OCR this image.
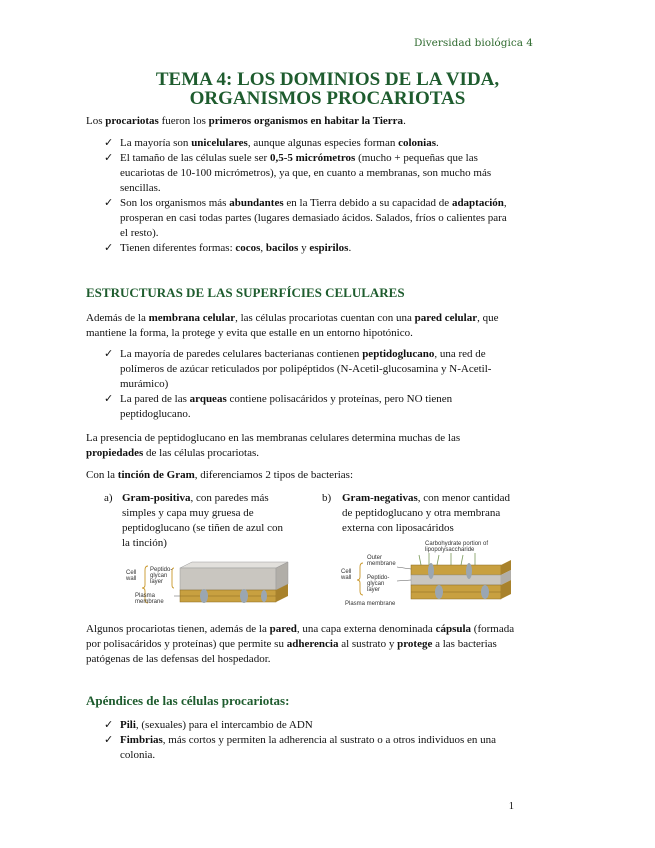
Diversidad biológica 4
TEMA 4: LOS DOMINIOS DE LA VIDA,
ORGANISMOS PROCARIOTAS
Los procariotas fueron los primeros organismos en habitar la Tierra.
✓ La mayoría son unicelulares, aunque algunas especies forman colonias.
✓ El tamaño de las células suele ser 0,5-5 micrómetros (mucho + pequeñas que las eucariotas de 10-100 micrómetros), ya que, en cuanto a membranas, son mucho más sencillas.
✓ Son los organismos más abundantes en la Tierra debido a su capacidad de adaptación, prosperan en casi todas partes (lugares demasiado ácidos. Salados, fríos o calientes para el resto).
✓ Tienen diferentes formas: cocos, bacilos y espirilos.
ESTRUCTURAS DE LAS SUPERFÍCIES CELULARES
Además de la membrana celular, las células procariotas cuentan con una pared celular, que mantiene la forma, la protege y evita que estalle en un entorno hipotónico.
✓ La mayoría de paredes celulares bacterianas contienen peptidoglucano, una red de polímeros de azúcar reticulados por polipéptidos (N-Acetil-glucosamina y N-Acetil-murámico)
✓ La pared de las arqueas contiene polisacáridos y proteínas, pero NO tienen peptidoglucano.
La presencia de peptidoglucano en las membranas celulares determina muchas de las propiedades de las células procariotas.
Con la tinción de Gram, diferenciamos 2 tipos de bacterias:
a) Gram-positiva, con paredes más simples y capa muy gruesa de peptidoglucano (se tiñen de azul con la tinción)
b) Gram-negativas, con menor cantidad de peptidoglucano y otra membrana externa con liposacáridos
Cell wall
Peptido-glycan layer
Plasma membrane
Carbohydrate portion of lipopolysaccharide
Cell wall
Outer membrane
Peptido-glycan layer
Plasma membrane
Algunos procariotas tienen, además de la pared, una capa externa denominada cápsula (formada por polisacáridos y proteínas) que permite su adherencia al sustrato y protege a las bacterias patógenas de las defensas del hospedador.
Apéndices de las células procariotas:
✓ Pili, (sexuales) para el intercambio de ADN
✓ Fimbrias, más cortos y permiten la adherencia al sustrato o a otros individuos en una colonia.
1
